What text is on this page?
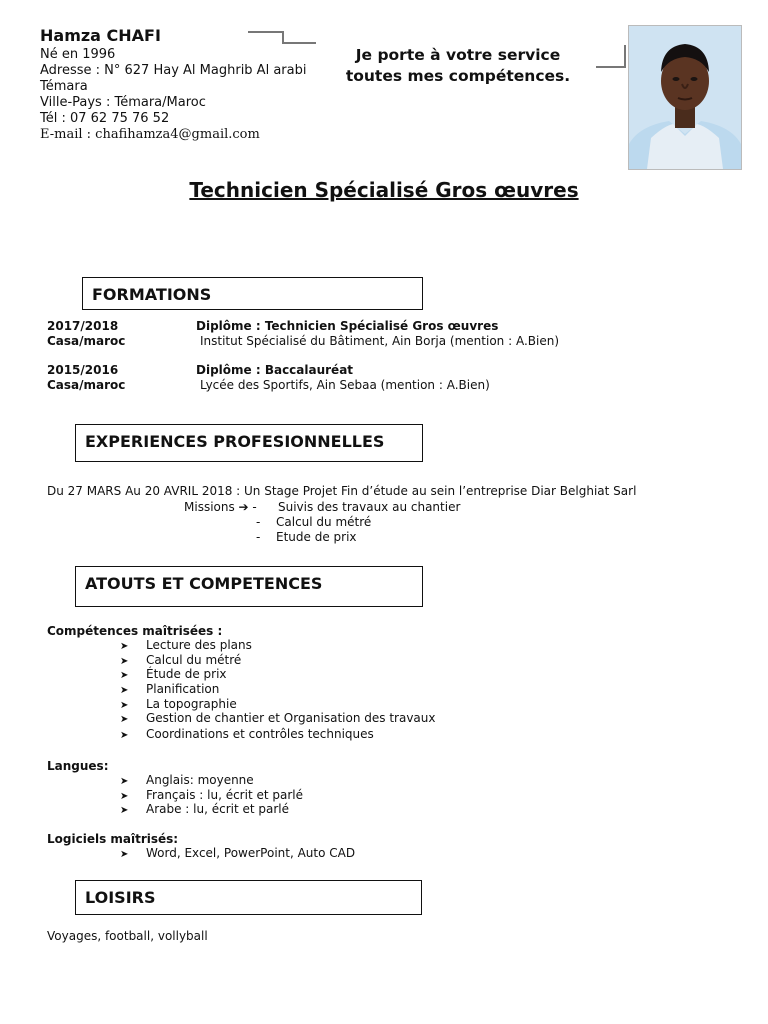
Hamza CHAFI
Né en 1996
Adresse : N° 627 Hay Al Maghrib Al arabi
Témara
Ville-Pays : Témara/Maroc
Tél : 07 62 75 76 52
E-mail : chafihamza4@gmail.com
Je porte à votre service
toutes mes compétences.
Technicien Spécialisé Gros œuvres
FORMATIONS
2017/2018
Casa/maroc
Diplôme : Technicien Spécialisé Gros œuvres
Institut Spécialisé du Bâtiment, Ain Borja (mention : A.Bien)
2015/2016
Casa/maroc
Diplôme : Baccalauréat
Lycée des Sportifs, Ain Sebaa (mention : A.Bien)
EXPERIENCES PROFESIONNELLES
Du 27 MARS Au 20 AVRIL 2018 : Un Stage Projet Fin d’étude au sein l’entreprise Diar Belghiat Sarl
Missions ➔ - Suivis des travaux au chantier
- Calcul du métré
- Etude de prix
ATOUTS ET COMPETENCES
Compétences maîtrisées :
➤ Lecture des plans
➤ Calcul du métré
➤ Étude de prix
➤ Planification
➤ La topographie
➤ Gestion de chantier et Organisation des travaux
➤ Coordinations et contrôles techniques
Langues:
➤ Anglais: moyenne
➤ Français : lu, écrit et parlé
➤ Arabe : lu, écrit et parlé
Logiciels maîtrisés:
➤ Word, Excel, PowerPoint, Auto CAD
LOISIRS
Voyages, football, vollyball
